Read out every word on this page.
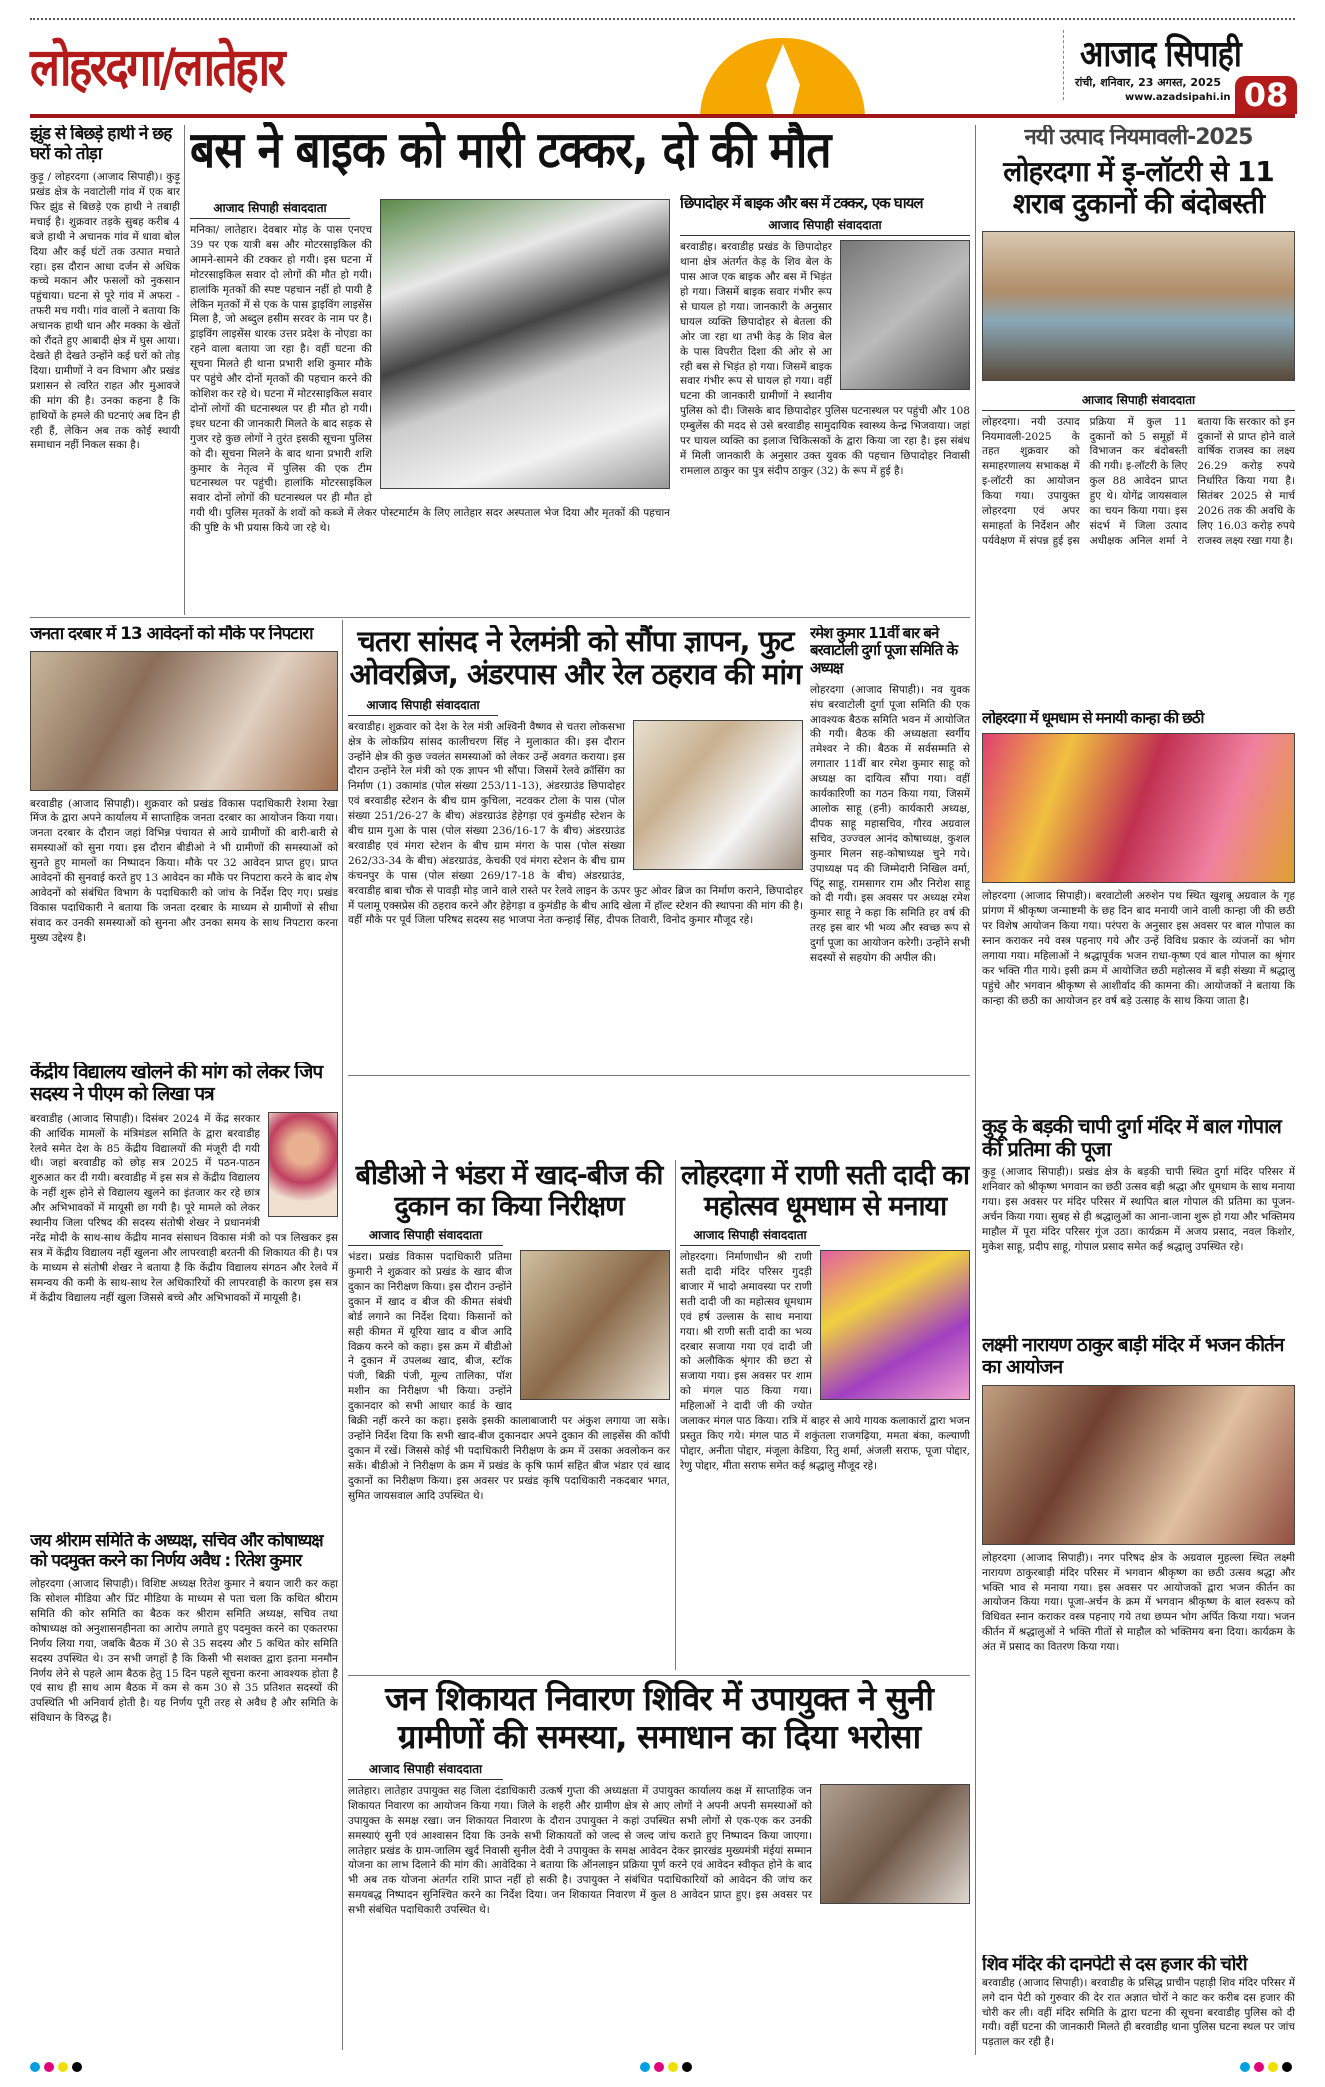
लोहरदगा/लातेहार	आजाद सिपाही
रांची, शनिवार, 23 अगस्त, 2025
www.azadsipahi.in 08
झुंड से बिछड़े हाथी ने छह घरों को तोड़ा
कुड़ू / लोहरदगा (आजाद सिपाही)। कुड़ू प्रखंड क्षेत्र के नवाटोली गांव में एक बार फिर झुंड से बिछड़े एक हाथी ने तबाही मचाई है। शुक्रवार तड़के सुबह करीब 4 बजे हाथी ने अचानक गांव में धावा बोल दिया और कई घंटों तक उत्पात मचाते रहा। इस दौरान आधा दर्जन से अधिक कच्चे मकान और फसलों को नुकसान पहुंचाया। घटना से पूरे गांव में अफरा - तफरी मच गयी। गांव वालों ने बताया कि अचानक हाथी धान और मक्का के खेतों को रौंदते हुए आबादी क्षेत्र में घुस आया। देखते ही देखते उन्होंने कई घरों को तोड़ दिया। ग्रामीणों ने वन विभाग और प्रखंड प्रशासन से त्वरित राहत और मुआवजे की मांग की है। उनका कहना है कि हाथियों के हमले की घटनाएं अब दिन ही रही हैं, लेकिन अब तक कोई स्थायी समाधान नहीं निकल सका है।
बस ने बाइक को मारी टक्कर, दो की मौत
आजाद सिपाही संवाददाता
मनिका/ लातेहार। देवबार मोड़ के पास एनएच 39 पर एक यात्री बस और मोटरसाइकिल की आमने-सामने की टक्कर हो गयी। इस घटना में मोटरसाइकिल सवार दो लोगों की मौत हो गयी। हालांकि मृतकों की स्पष्ट पहचान नहीं हो पायी है लेकिन मृतकों में से एक के पास ड्राइविंग लाइसेंस मिला है, जो अब्दुल हसीम सरवर के नाम पर है। ड्राइविंग लाइसेंस धारक उत्तर प्रदेश के नोएडा का रहने वाला बताया जा रहा है। वहीं घटना की सूचना मिलते ही थाना प्रभारी शशि कुमार मौके पर पहुंचे और दोनों मृतकों की पहचान करने की कोशिश कर रहे थे। घटना में मोटरसाइकिल सवार दोनों लोगों की घटनास्थल पर ही मौत हो गयी। इधर घटना की जानकारी मिलते के बाद सड़क से गुजर रहे कुछ लोगों ने तुरंत इसकी सूचना पुलिस को दी। सूचना मिलने के बाद थाना प्रभारी शशि कुमार के नेतृत्व में पुलिस की एक टीम घटनास्थल पर पहुंची। हालांकि मोटरसाइकिल सवार दोनों लोगों की घटनास्थल पर ही मौत हो गयी थी। पुलिस मृतकों के शवों को कब्जे में लेकर पोस्टमार्टम के लिए लातेहार सदर अस्पताल भेज दिया और मृतकों की पहचान की पुष्टि के भी प्रयास किये जा रहे थे।
छिपादोहर में बाइक और बस में टक्कर, एक घायल
आजाद सिपाही संवाददाता
बरवाडीह। बरवाडीह प्रखंड के छिपादोहर थाना क्षेत्र अंतर्गत केड़ के शिव बेल के पास आज एक बाइक और बस में भिड़ंत हो गया। जिसमें बाइक सवार गंभीर रूप से घायल हो गया। जानकारी के अनुसार घायल व्यक्ति छिपादोहर से बेतला की ओर जा रहा था तभी केड़ के शिव बेल के पास विपरीत दिशा की ओर से आ रही बस से भिड़ंत हो गया। जिसमें बाइक सवार गंभीर रूप से घायल हो गया। वहीं घटना की जानकारी ग्रामीणों ने स्थानीय पुलिस को दी। जिसके बाद छिपादोहर पुलिस घटनास्थल पर पहुंची और 108 एम्बुलेंस की मदद से उसे बरवाडीह सामुदायिक स्वास्थ्य केन्द्र भिजवाया। जहां पर घायल व्यक्ति का इलाज चिकित्सकों के द्वारा किया जा रहा है। इस संबंध में मिली जानकारी के अनुसार उक्त युवक की पहचान छिपादोहर निवासी रामलाल ठाकुर का पुत्र संदीप ठाकुर (32) के रूप में हुई है।
नयी उत्पाद नियमावली-2025
लोहरदगा में इ-लॉटरी से 11 शराब दुकानों की बंदोबस्ती
आजाद सिपाही संवाददाता
लोहरदगा। नयी उत्पाद नियमावली-2025 के तहत शुक्रवार को समाहरणालय सभाकक्ष में इ-लॉटरी का आयोजन किया गया। उपायुक्त लोहरदगा एवं अपर समाहर्ता के निर्देशन और पर्यवेक्षण में संपन्न हुई इस प्रक्रिया में कुल 11 दुकानों को 5 समूहों में विभाजन कर बंदोबस्ती की गयी। इ-लॉटरी के लिए कुल 88 आवेदन प्राप्त हुए थे। योगेंद्र जायसवाल का चयन किया गया। इस संदर्भ में जिला उत्पाद अधीक्षक अनिल शर्मा ने बताया कि सरकार को इन दुकानों से प्राप्त होने वाले वार्षिक राजस्व का लक्ष्य 26.29 करोड़ रुपये निर्धारित किया गया है। सितंबर 2025 से मार्च 2026 तक की अवधि के लिए 16.03 करोड़ रुपये राजस्व लक्ष्य रखा गया है।
जनता दरबार में 13 आवेदनों को मौके पर निपटारा
बरवाडीह (आजाद सिपाही)। शुक्रवार को प्रखंड विकास पदाधिकारी रेशमा रेखा मिंज के द्वारा अपने कार्यालय में साप्ताहिक जनता दरबार का आयोजन किया गया। जनता दरबार के दौरान जहां विभिन्न पंचायत से आये ग्रामीणों की बारी-बारी से समस्याओं को सुना गया। इस दौरान बीडीओ ने भी ग्रामीणों की समस्याओं को सुनते हुए मामलों का निष्पादन किया। मौके पर 32 आवेदन प्राप्त हुए। प्राप्त आवेदनों की सुनवाई करते हुए 13 आवेदन का मौके पर निपटारा करने के बाद शेष आवेदनों को संबंधित विभाग के पदाधिकारी को जांच के निर्देश दिए गए। प्रखंड विकास पदाधिकारी ने बताया कि जनता दरबार के माध्यम से ग्रामीणों से सीधा संवाद कर उनकी समस्याओं को सुनना और उनका समय के साथ निपटारा करना मुख्य उद्देश्य है।
चतरा सांसद ने रेलमंत्री को सौंपा ज्ञापन, फुट ओवरब्रिज, अंडरपास और रेल ठहराव की मांग
आजाद सिपाही संवाददाता
बरवाडीह। शुक्रवार को देश के रेल मंत्री अश्विनी वैष्णव से चतरा लोकसभा क्षेत्र के लोकप्रिय सांसद कालीचरण सिंह ने मुलाकात की। इस दौरान उन्होंने क्षेत्र की कुछ ज्वलंत समस्याओं को लेकर उन्हें अवगत कराया। इस दौरान उन्होंने रेल मंत्री को एक ज्ञापन भी सौंपा। जिसमें रेलवे क्रॉसिंग का निर्माण (1) उकामांड (पोल संख्या 253/11-13), अंडरग्राउंड छिपादोहर एवं बरवाडीह स्टेशन के बीच ग्राम कुचिला, नटवकर टोला के पास (पोल संख्या 251/26-27 के बीच) अंडरग्राउंड हेहेगड़ा एवं कुमंडीह स्टेशन के बीच ग्राम गुआ के पास (पोल संख्या 236/16-17 के बीच) अंडरग्राउंड बरवाडीह एवं मंगरा स्टेशन के बीच ग्राम मंगरा के पास (पोल संख्या 262/33-34 के बीच) अंडरग्राउंड, केचकी एवं मंगरा स्टेशन के बीच ग्राम कंचनपुर के पास (पोल संख्या 269/17-18 के बीच) अंडरग्राउंड, बरवाडीह बाबा चौक से पावड़ी मोड़ जाने वाले रास्ते पर रेलवे लाइन के ऊपर फुट ओवर ब्रिज का निर्माण कराने, छिपादोहर में पलामू एक्सप्रेस की ठहराव करने और हेहेगड़ा व कुमंडीह के बीच आदि खेला में हॉल्ट स्टेशन की स्थापना की मांग की है। वहीं मौके पर पूर्व जिला परिषद सदस्य सह भाजपा नेता कन्हाई सिंह, दीपक तिवारी, विनोद कुमार मौजूद रहे।
रमेश कुमार 11वीं बार बने बरवाटोली दुर्गा पूजा समिति के अध्यक्ष
लोहरदगा (आजाद सिपाही)। नव युवक संघ बरवाटोली दुर्गा पूजा समिति की एक आवश्यक बैठक समिति भवन में आयोजित की गयी। बैठक की अध्यक्षता स्वर्गीय तमेश्वर ने की। बैठक में सर्वसम्मति से लगातार 11वीं बार रमेश कुमार साहू को अध्यक्ष का दायित्व सौंपा गया। वहीं कार्यकारिणी का गठन किया गया, जिसमें आलोक साहू (हनी) कार्यकारी अध्यक्ष, दीपक साहू महासचिव, गौरव अग्रवाल सचिव, उज्ज्वल आनंद कोषाध्यक्ष, कुशल कुमार मिलन सह-कोषाध्यक्ष चुने गये। उपाध्यक्ष पद की जिम्मेदारी निखिल वर्मा, पिंटू साहू, रामसागर राम और निरोश साहू को दी गयी। इस अवसर पर अध्यक्ष रमेश कुमार साहू ने कहा कि समिति हर वर्ष की तरह इस बार भी भव्य और स्वच्छ रूप से दुर्गा पूजा का आयोजन करेगी। उन्होंने सभी सदस्यों से सहयोग की अपील की।
लोहरदगा में धूमधाम से मनायी कान्हा की छठी
लोहरदगा (आजाद सिपाही)। बरवाटोली अरुशेन पथ स्थित खुशबू अग्रवाल के गृह प्रांगण में श्रीकृष्ण जन्माष्टमी के छह दिन बाद मनायी जाने वाली कान्हा जी की छठी पर विशेष आयोजन किया गया। परंपरा के अनुसार इस अवसर पर बाल गोपाल का स्नान कराकर नये वस्त्र पहनाए गये और उन्हें विविध प्रकार के व्यंजनों का भोग लगाया गया। महिलाओं ने श्रद्धापूर्वक भजन राधा-कृष्ण एवं बाल गोपाल का श्रृंगार कर भक्ति गीत गाये। इसी क्रम में आयोजित छठी महोत्सव में बड़ी संख्या में श्रद्धालु पहुंचे और भगवान श्रीकृष्ण से आशीर्वाद की कामना की। आयोजकों ने बताया कि कान्हा की छठी का आयोजन हर वर्ष बड़े उत्साह के साथ किया जाता है।
कुड़ू के बड़की चापी दुर्गा मंदिर में बाल गोपाल की प्रतिमा की पूजा
कुड़ू (आजाद सिपाही)। प्रखंड क्षेत्र के बड़की चापी स्थित दुर्गा मंदिर परिसर में शनिवार को श्रीकृष्ण भगवान का छठी उत्सव बड़ी श्रद्धा और धूमधाम के साथ मनाया गया। इस अवसर पर मंदिर परिसर में स्थापित बाल गोपाल की प्रतिमा का पूजन-अर्चन किया गया। सुबह से ही श्रद्धालुओं का आना-जाना शुरू हो गया और भक्तिमय माहौल में पूरा मंदिर परिसर गूंज उठा। कार्यक्रम में अजय प्रसाद, नवल किशोर, मुकेश साहू, प्रदीप साहू, गोपाल प्रसाद समेत कई श्रद्धालु उपस्थित रहे।
लक्ष्मी नारायण ठाकुर बाड़ी मंदिर में भजन कीर्तन का आयोजन
लोहरदगा (आजाद सिपाही)। नगर परिषद क्षेत्र के अग्रवाल मुहल्ला स्थित लक्ष्मी नारायण ठाकुरबाड़ी मंदिर परिसर में भगवान श्रीकृष्ण का छठी उत्सव श्रद्धा और भक्ति भाव से मनाया गया। इस अवसर पर आयोजकों द्वारा भजन कीर्तन का आयोजन किया गया। पूजा-अर्चन के क्रम में भगवान श्रीकृष्ण के बाल स्वरूप को विधिवत स्नान कराकर वस्त्र पहनाए गये तथा छप्पन भोग अर्पित किया गया। भजन कीर्तन में श्रद्धालुओं ने भक्ति गीतों से माहौल को भक्तिमय बना दिया। कार्यक्रम के अंत में प्रसाद का वितरण किया गया।
शिव मंदिर की दानपेटी से दस हजार की चोरी
बरवाडीह (आजाद सिपाही)। बरवाडीह के प्रसिद्ध प्राचीन पहाड़ी शिव मंदिर परिसर में लगे दान पेटी को गुरुवार की देर रात अज्ञात चोरों ने काट कर करीब दस हजार की चोरी कर ली। वहीं मंदिर समिति के द्वारा घटना की सूचना बरवाडीह पुलिस को दी गयी। वहीं घटना की जानकारी मिलते ही बरवाडीह थाना पुलिस घटना स्थल पर जांच पड़ताल कर रही है।
केंद्रीय विद्यालय खोलने की मांग को लेकर जिप सदस्य ने पीएम को लिखा पत्र
बरवाडीह (आजाद सिपाही)। दिसंबर 2024 में केंद्र सरकार की आर्थिक मामलों के मंत्रिमंडल समिति के द्वारा बरवाडीह रेलवे समेत देश के 85 केंद्रीय विद्यालयों की मंजूरी दी गयी थी। जहां बरवाडीह को छोड़ सत्र 2025 में पठन-पाठन शुरुआत कर दी गयी। बरवाडीह में इस सत्र से केंद्रीय विद्यालय के नहीं शुरू होने से विद्यालय खुलने का इंतजार कर रहे छात्र और अभिभावकों में मायूसी छा गयी है। पूरे मामले को लेकर स्थानीय जिला परिषद की सदस्य संतोषी शेखर ने प्रधानमंत्री नरेंद्र मोदी के साथ-साथ केंद्रीय मानव संसाधन विकास मंत्री को पत्र लिखकर इस सत्र में केंद्रीय विद्यालय नहीं खुलना और लापरवाही बरतनी की शिकायत की है। पत्र के माध्यम से संतोषी शेखर ने बताया है कि केंद्रीय विद्यालय संगठन और रेलवे में समन्वय की कमी के साथ-साथ रेल अधिकारियों की लापरवाही के कारण इस सत्र में केंद्रीय विद्यालय नहीं खुला जिससे बच्चे और अभिभावकों में मायूसी है।
जय श्रीराम समिति के अध्यक्ष, सचिव और कोषाध्यक्ष को पदमुक्त करने का निर्णय अवैध : रितेश कुमार
लोहरदगा (आजाद सिपाही)। विशिष्ट अध्यक्ष रितेश कुमार ने बयान जारी कर कहा कि सोशल मीडिया और प्रिंट मीडिया के माध्यम से पता चला कि कथित श्रीराम समिति की कोर समिति का बैठक कर श्रीराम समिति अध्यक्ष, सचिव तथा कोषाध्यक्ष को अनुशासनहीनता का आरोप लगाते हुए पदमुक्त करने का एकतरफा निर्णय लिया गया, जबकि बैठक में 30 से 35 सदस्य और 5 कथित कोर समिति सदस्य उपस्थित थे। उन सभी जगहों है कि किसी भी सशक्त द्वारा इतना मनमौन निर्णय लेने से पहले आम बैठक हेतु 15 दिन पहले सूचना करना आवश्यक होता है एवं साथ ही साथ आम बैठक में कम से कम 30 से 35 प्रतिशत सदस्यों की उपस्थिति भी अनिवार्य होती है। यह निर्णय पूरी तरह से अवैध है और समिति के संविधान के विरुद्ध है।
बीडीओ ने भंडरा में खाद-बीज की दुकान का किया निरीक्षण
आजाद सिपाही संवाददाता
भंडरा। प्रखंड विकास पदाधिकारी प्रतिमा कुमारी ने शुक्रवार को प्रखंड के खाद बीज दुकान का निरीक्षण किया। इस दौरान उन्होंने दुकान में खाद व बीज की कीमत संबंधी बोर्ड लगाने का निर्देश दिया। किसानों को सही कीमत में यूरिया खाद व बीज आदि विक्रय करने को कहा। इस क्रम में बीडीओ ने दुकान में उपलब्ध खाद, बीज, स्टॉक पंजी, बिक्री पंजी, मूल्य तालिका, पॉश मशीन का निरीक्षण भी किया। उन्होंने दुकानदार को सभी आधार कार्ड के खाद बिक्री नहीं करने का कहा। इसके इसकी कालाबाजारी पर अंकुश लगाया जा सके। उन्होंने निर्देश दिया कि सभी खाद-बीज दुकानदार अपने दुकान की लाइसेंस की कॉपी दुकान में रखें। जिससे कोई भी पदाधिकारी निरीक्षण के क्रम में उसका अवलोकन कर सकें। बीडीओ ने निरीक्षण के क्रम में प्रखंड के कृषि फार्म सहित बीज भंडार एवं खाद दुकानों का निरीक्षण किया। इस अवसर पर प्रखंड कृषि पदाधिकारी नकदबार भगत, सुमित जायसवाल आदि उपस्थित थे।
लोहरदगा में राणी सती दादी का महोत्सव धूमधाम से मनाया
आजाद सिपाही संवाददाता
लोहरदगा। निर्माणाधीन श्री राणी सती दादी मंदिर परिसर गुदड़ी बाजार में भादो अमावस्या पर राणी सती दादी जी का महोत्सव धूमधाम एवं हर्ष उल्लास के साथ मनाया गया। श्री राणी सती दादी का भव्य दरबार सजाया गया एवं दादी जी को अलौकिक श्रृंगार की छटा से सजाया गया। इस अवसर पर शाम को मंगल पाठ किया गया। महिलाओं ने दादी जी की ज्योत जलाकर मंगल पाठ किया। रात्रि में बाहर से आये गायक कलाकारों द्वारा भजन प्रस्तुत किए गये। मंगल पाठ में शकुंतला राजगढ़िया, ममता बंका, कल्याणी पोद्दार, अनीता पोद्दार, मंजूला केडिया, रितु शर्मा, अंजली सराफ, पूजा पोद्दार, रेणु पोद्दार, मीता सराफ समेत कई श्रद्धालु मौजूद रहे।
जन शिकायत निवारण शिविर में उपायुक्त ने सुनी ग्रामीणों की समस्या, समाधान का दिया भरोसा
आजाद सिपाही संवाददाता
लातेहार। लातेहार उपायुक्त सह जिला दंडाधिकारी उत्कर्ष गुप्ता की अध्यक्षता में उपायुक्त कार्यालय कक्ष में साप्ताहिक जन शिकायत निवारण का आयोजन किया गया। जिले के शहरी और ग्रामीण क्षेत्र से आए लोगों ने अपनी अपनी समस्याओं को उपायुक्त के समक्ष रखा। जन शिकायत निवारण के दौरान उपायुक्त ने कहां उपस्थित सभी लोगों से एक-एक कर उनकी समस्याएं सुनी एवं आश्वासन दिया कि उनके सभी शिकायतों को जल्द से जल्द जांच कराते हुए निष्पादन किया जाएगा। लातेहार प्रखंड के ग्राम-जालिम खुर्द निवासी सुनील देवी ने उपायुक्त के समक्ष आवेदन देकर झारखंड मुख्यमंत्री मंईयां सम्मान योजना का लाभ दिलाने की मांग की। आवेदिका ने बताया कि ऑनलाइन प्रक्रिया पूर्ण करने एवं आवेदन स्वीकृत होने के बाद भी अब तक योजना अंतर्गत राशि प्राप्त नहीं हो सकी है। उपायुक्त ने संबंधित पदाधिकारियों को आवेदन की जांच कर समयबद्ध निष्पादन सुनिश्चित करने का निर्देश दिया। जन शिकायत निवारण में कुल 8 आवेदन प्राप्त हुए। इस अवसर पर सभी संबंधित पदाधिकारी उपस्थित थे।
